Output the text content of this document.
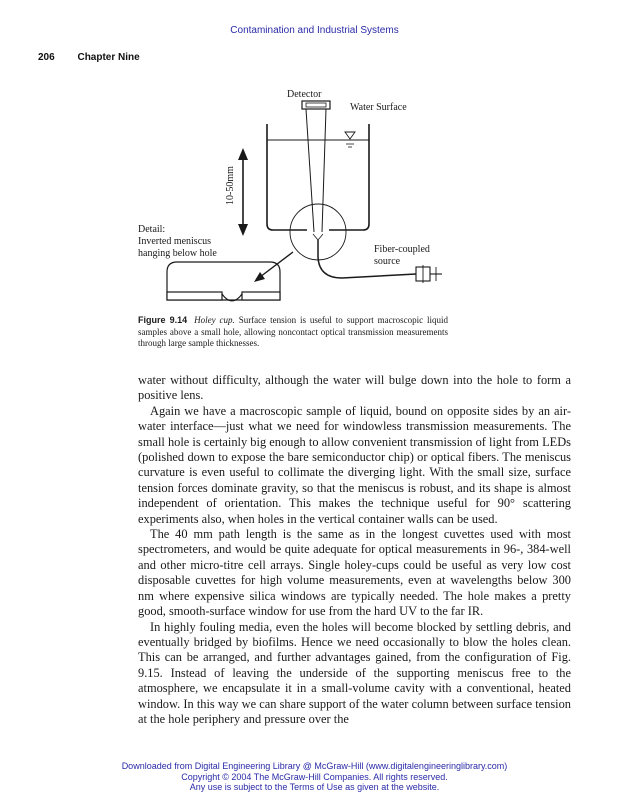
Contamination and Industrial Systems
206 Chapter Nine
Detector
Water Surface
10-50mm
Detail:
Inverted meniscus
hanging below hole	Fiber-coupled
source
Figure 9.14 Holey cup. Surface tension is useful to support macroscopic liquid samples above a small hole, allowing noncontact optical transmission measurements through large sample thicknesses.

water without difficulty, although the water will bulge down into the hole to form a positive lens.

Again we have a macroscopic sample of liquid, bound on opposite sides by an air-water interface—just what we need for windowless transmission measurements. The small hole is certainly big enough to allow convenient transmission of light from LEDs (polished down to expose the bare semiconductor chip) or optical fibers. The meniscus curvature is even useful to collimate the diverging light. With the small size, surface tension forces dominate gravity, so that the meniscus is robust, and its shape is almost independent of orientation. This makes the technique useful for 90° scattering experiments also, when holes in the vertical container walls can be used.

The 40 mm path length is the same as in the longest cuvettes used with most spectrometers, and would be quite adequate for optical measurements in 96-, 384-well and other micro-titre cell arrays. Single holey-cups could be useful as very low cost disposable cuvettes for high volume measurements, even at wavelengths below 300 nm where expensive silica windows are typically needed. The hole makes a pretty good, smooth-surface window for use from the hard UV to the far IR.

In highly fouling media, even the holes will become blocked by settling debris, and eventually bridged by biofilms. Hence we need occasionally to blow the holes clean. This can be arranged, and further advantages gained, from the configuration of Fig. 9.15. Instead of leaving the underside of the supporting meniscus free to the atmosphere, we encapsulate it in a small-volume cavity with a conventional, heated window. In this way we can share support of the water column between surface tension at the hole periphery and pressure over the

Downloaded from Digital Engineering Library @ McGraw-Hill (www.digitalengineeringlibrary.com)
Copyright © 2004 The McGraw-Hill Companies. All rights reserved.
Any use is subject to the Terms of Use as given at the website.
